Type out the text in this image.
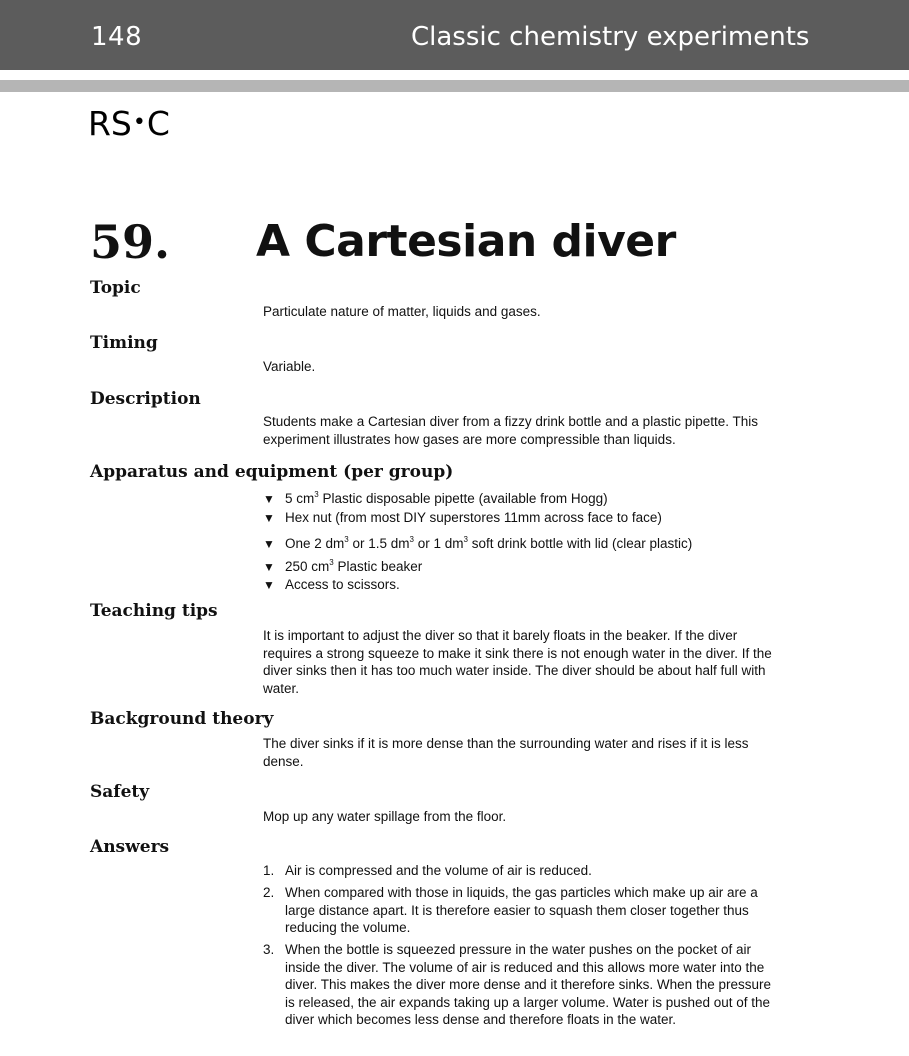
148	Classic chemistry experiments
RS•C
59. A Cartesian diver
Topic
Particulate nature of matter, liquids and gases.
Timing
Variable.
Description
Students make a Cartesian diver from a fizzy drink bottle and a plastic pipette. This experiment illustrates how gases are more compressible than liquids.
Apparatus and equipment (per group)
▼ 5 $cm^3$ Plastic disposable pipette (available from Hogg)
▼ Hex nut (from most DIY superstores 11mm across face to face)
▼ One 2 $dm^3$ or 1.5 $dm^3$ or 1 $dm^3$ soft drink bottle with lid (clear plastic)
▼ 250 $cm^3$ Plastic beaker
▼ Access to scissors.
Teaching tips
It is important to adjust the diver so that it barely floats in the beaker. If the diver requires a strong squeeze to make it sink there is not enough water in the diver. If the diver sinks then it has too much water inside. The diver should be about half full with water.
Background theory
The diver sinks if it is more dense than the surrounding water and rises if it is less dense.
Safety
Mop up any water spillage from the floor.
Answers
1. Air is compressed and the volume of air is reduced.
2. When compared with those in liquids, the gas particles which make up air are a large distance apart. It is therefore easier to squash them closer together thus reducing the volume.
3. When the bottle is squeezed pressure in the water pushes on the pocket of air inside the diver. The volume of air is reduced and this allows more water into the diver. This makes the diver more dense and it therefore sinks. When the pressure is released, the air expands taking up a larger volume. Water is pushed out of the diver which becomes less dense and therefore floats in the water.
